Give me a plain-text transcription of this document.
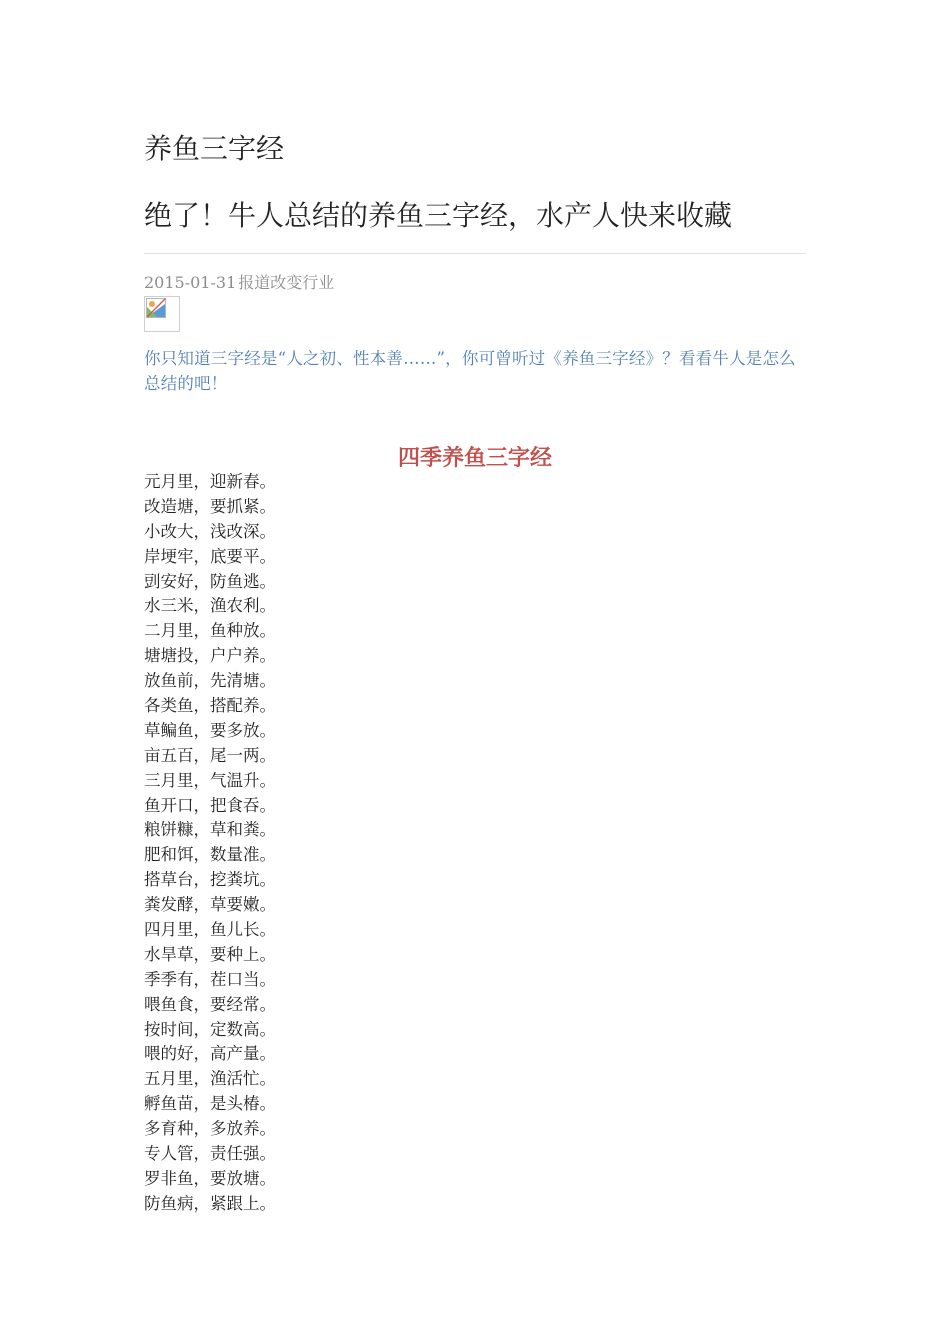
养鱼三字经
绝了！牛人总结的养鱼三字经，水产人快来收藏
2015-01-31 报道改变行业

你只知道三字经是“人之初、性本善……”，你可曾听过《养鱼三字经》？看看牛人是怎么总结的吧！

四季养鱼三字经
元月里，迎新春。
改造塘，要抓紧。
小改大，浅改深。
岸埂牢，底要平。
剅安好，防鱼逃。
水三米，渔农利。
二月里，鱼种放。
塘塘投，户户养。
放鱼前，先清塘。
各类鱼，搭配养。
草鳊鱼，要多放。
亩五百，尾一两。
三月里，气温升。
鱼开口，把食吞。
粮饼糠，草和粪。
肥和饵，数量准。
搭草台，挖粪坑。
粪发酵，草要嫩。
四月里，鱼儿长。
水旱草，要种上。
季季有，茬口当。
喂鱼食，要经常。
按时间，定数高。
喂的好，高产量。
五月里，渔活忙。
孵鱼苗，是头椿。
多育种，多放养。
专人管，责任强。
罗非鱼，要放塘。
防鱼病，紧跟上。
